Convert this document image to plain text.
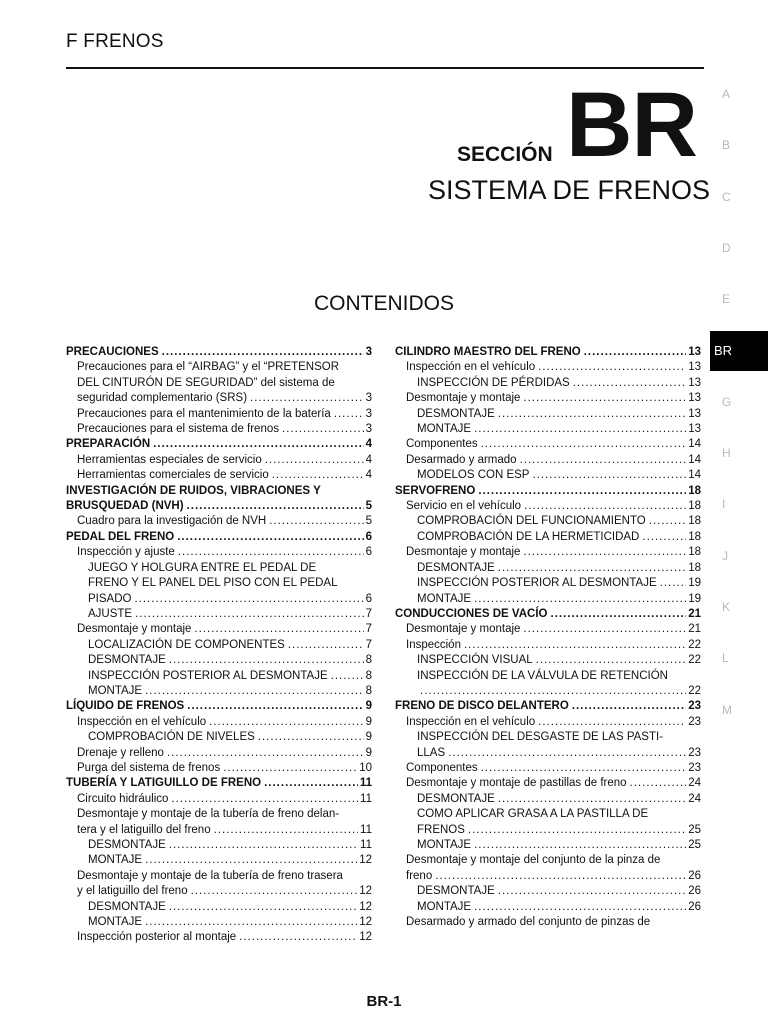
F FRENOS
SECCIÓN BR
SISTEMA DE FRENOS
CONTENIDOS
A
B
C
D
E
BR
G
H
I
J
K
L
M
PRECAUCIONES .....	3
Precauciones para el “AIRBAG” y el “PRETENSOR
DEL CINTURÓN DE SEGURIDAD” del sistema de
seguridad complementario (SRS) .....	3
Precauciones para el mantenimiento de la batería .....	3
Precauciones para el sistema de frenos .....	3
PREPARACIÓN .....	4
Herramientas especiales de servicio .....	4
Herramientas comerciales de servicio .....	4
INVESTIGACIÓN DE RUIDOS, VIBRACIONES Y
BRUSQUEDAD (NVH) .....	5
Cuadro para la investigación de NVH .....	5
PEDAL DEL FRENO .....	6
Inspección y ajuste .....	6
JUEGO Y HOLGURA ENTRE EL PEDAL DE
FRENO Y EL PANEL DEL PISO CON EL PEDAL
PISADO .....	6
AJUSTE .....	7
Desmontaje y montaje .....	7
LOCALIZACIÓN DE COMPONENTES .....	7
DESMONTAJE .....	8
INSPECCIÓN POSTERIOR AL DESMONTAJE .....	8
MONTAJE .....	8
LÍQUIDO DE FRENOS .....	9
Inspección en el vehículo .....	9
COMPROBACIÓN DE NIVELES .....	9
Drenaje y relleno .....	9
Purga del sistema de frenos .....	10
TUBERÍA Y LATIGUILLO DE FRENO .....	11
Circuito hidráulico .....	11
Desmontaje y montaje de la tubería de freno delan-
tera y el latiguillo del freno .....	11
DESMONTAJE .....	11
MONTAJE .....	12
Desmontaje y montaje de la tubería de freno trasera
y el latiguillo del freno .....	12
DESMONTAJE .....	12
MONTAJE .....	12
Inspección posterior al montaje .....	12
CILINDRO MAESTRO DEL FRENO .....	13
Inspección en el vehículo .....	13
INSPECCIÓN DE PÉRDIDAS .....	13
Desmontaje y montaje .....	13
DESMONTAJE .....	13
MONTAJE .....	13
Componentes .....	14
Desarmado y armado .....	14
MODELOS CON ESP .....	14
SERVOFRENO .....	18
Servicio en el vehículo .....	18
COMPROBACIÓN DEL FUNCIONAMIENTO .....	18
COMPROBACIÓN DE LA HERMETICIDAD .....	18
Desmontaje y montaje .....	18
DESMONTAJE .....	18
INSPECCIÓN POSTERIOR AL DESMONTAJE .....	19
MONTAJE .....	19
CONDUCCIONES DE VACÍO .....	21
Desmontaje y montaje .....	21
Inspección .....	22
INSPECCIÓN VISUAL .....	22
INSPECCIÓN DE LA VÁLVULA DE RETENCIÓN
.....
22
FRENO DE DISCO DELANTERO .....	23
Inspección en el vehículo .....	23
INSPECCIÓN DEL DESGASTE DE LAS PASTI-
LLAS .....	23
Componentes .....	23
Desmontaje y montaje de pastillas de freno .....	24
DESMONTAJE .....	24
COMO APLICAR GRASA A LA PASTILLA DE
FRENOS .....	25
MONTAJE .....	25
Desmontaje y montaje del conjunto de la pinza de
freno .....	26
DESMONTAJE .....	26
MONTAJE .....	26
Desarmado y armado del conjunto de pinzas de
BR-1
